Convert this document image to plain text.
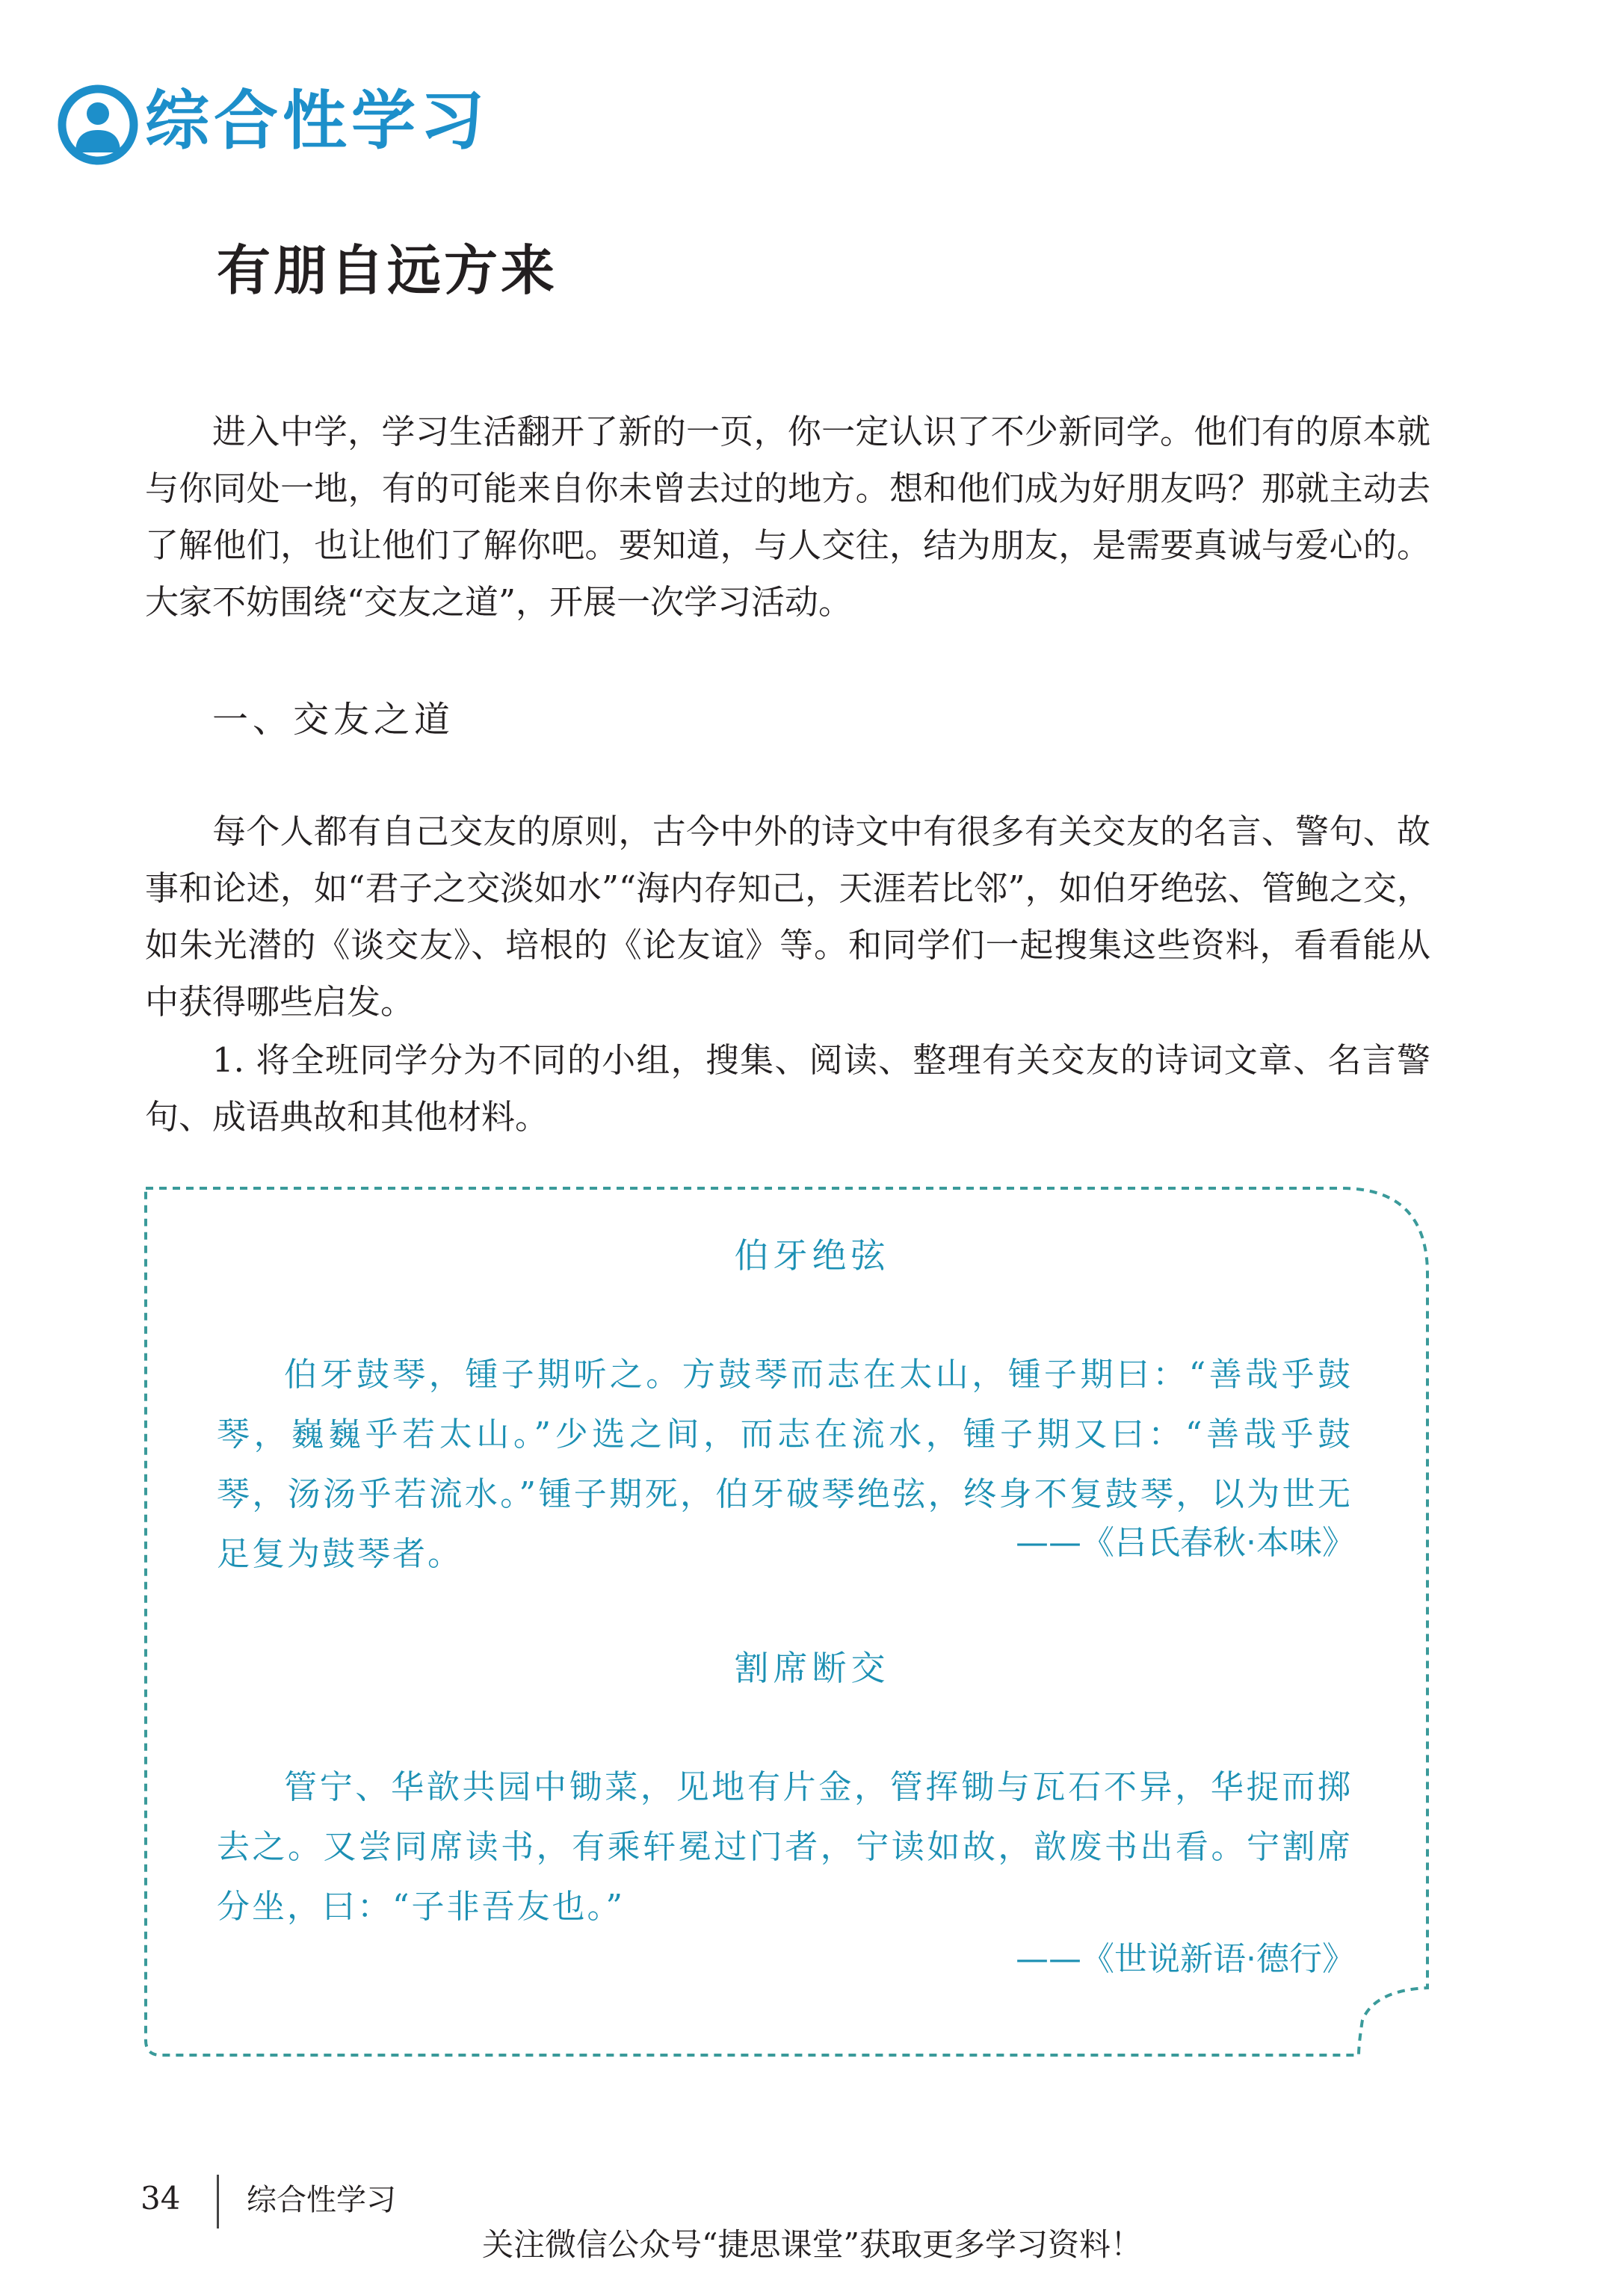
综合性学习
有朋自远方来

进入中学，学习生活翻开了新的一页，你一定认识了不少新同学。他们有的原本就与你同处一地，有的可能来自你未曾去过的地方。想和他们成为好朋友吗？那就主动去了解他们，也让他们了解你吧。要知道，与人交往，结为朋友，是需要真诚与爱心的。大家不妨围绕“交友之道”，开展一次学习活动。

一、交友之道

每个人都有自己交友的原则，古今中外的诗文中有很多有关交友的名言、警句、故事和论述，如“君子之交淡如水”“海内存知己，天涯若比邻”，如伯牙绝弦、管鲍之交，如朱光潜的《谈交友》、培根的《论友谊》等。和同学们一起搜集这些资料，看看能从中获得哪些启发。

1. 将全班同学分为不同的小组，搜集、阅读、整理有关交友的诗词文章、名言警句、成语典故和其他材料。

伯牙绝弦

伯牙鼓琴，锺子期听之。方鼓琴而志在太山，锺子期曰：“善哉乎鼓琴，巍巍乎若太山。”少选之间，而志在流水，锺子期又曰：“善哉乎鼓琴，汤汤乎若流水。”锺子期死，伯牙破琴绝弦，终身不复鼓琴，以为世无足复为鼓琴者。	——《吕氏春秋·本味》
割席断交

管宁、华歆共园中锄菜，见地有片金，管挥锄与瓦石不异，华捉而掷去之。又尝同席读书，有乘轩冕过门者，宁读如故，歆废书出看。宁割席分坐，曰：“子非吾友也。”

——《世说新语·德行》
34 综合性学习
关注微信公众号“捷思课堂”获取更多学习资料！
